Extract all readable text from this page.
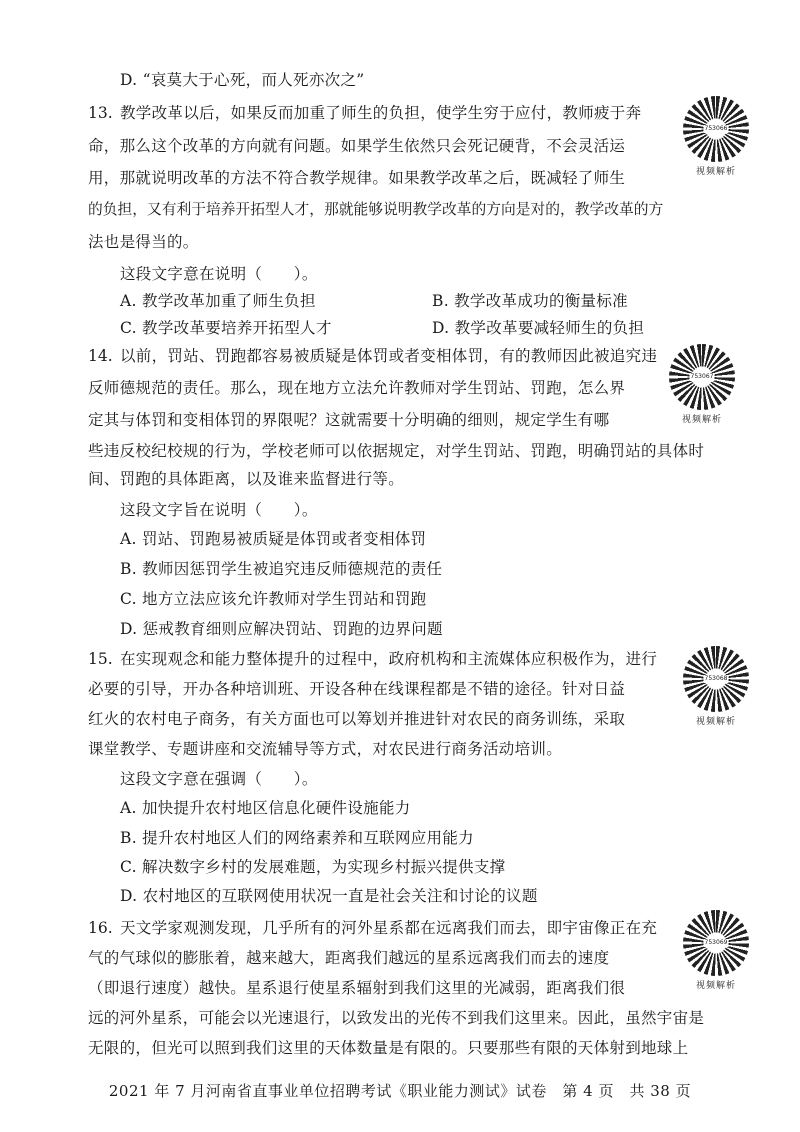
D. “哀莫大于心死，而人死亦次之”
13. 教学改革以后，如果反而加重了师生的负担，使学生穷于应付，教师疲于奔
命，那么这个改革的方向就有问题。如果学生依然只会死记硬背，不会灵活运
用，那就说明改革的方法不符合教学规律。如果教学改革之后，既减轻了师生
的负担，又有利于培养开拓型人才，那就能够说明教学改革的方向是对的，教学改革的方
法也是得当的。
这段文字意在说明（　　）。
A. 教学改革加重了师生负担	B. 教学改革成功的衡量标准
C. 教学改革要培养开拓型人才	D. 教学改革要减轻师生的负担
753066
视频解析
14. 以前，罚站、罚跑都容易被质疑是体罚或者变相体罚，有的教师因此被追究违
反师德规范的责任。那么，现在地方立法允许教师对学生罚站、罚跑，怎么界
定其与体罚和变相体罚的界限呢？这就需要十分明确的细则，规定学生有哪
些违反校纪校规的行为，学校老师可以依据规定，对学生罚站、罚跑，明确罚站的具体时
间、罚跑的具体距离，以及谁来监督进行等。
这段文字旨在说明（　　）。
A. 罚站、罚跑易被质疑是体罚或者变相体罚
B. 教师因惩罚学生被追究违反师德规范的责任
C. 地方立法应该允许教师对学生罚站和罚跑
D. 惩戒教育细则应解决罚站、罚跑的边界问题
753067
视频解析
15. 在实现观念和能力整体提升的过程中，政府机构和主流媒体应积极作为，进行
必要的引导，开办各种培训班、开设各种在线课程都是不错的途径。针对日益
红火的农村电子商务，有关方面也可以筹划并推进针对农民的商务训练，采取
课堂教学、专题讲座和交流辅导等方式，对农民进行商务活动培训。
这段文字意在强调（　　）。
A. 加快提升农村地区信息化硬件设施能力
B. 提升农村地区人们的网络素养和互联网应用能力
C. 解决数字乡村的发展难题，为实现乡村振兴提供支撑
D. 农村地区的互联网使用状况一直是社会关注和讨论的议题
753068
视频解析
16. 天文学家观测发现，几乎所有的河外星系都在远离我们而去，即宇宙像正在充
气的气球似的膨胀着，越来越大，距离我们越远的星系远离我们而去的速度
（即退行速度）越快。星系退行使星系辐射到我们这里的光减弱，距离我们很
远的河外星系，可能会以光速退行，以致发出的光传不到我们这里来。因此，虽然宇宙是
无限的，但光可以照到我们这里的天体数量是有限的。只要那些有限的天体射到地球上
753069
视频解析
2021 年 7 月河南省直事业单位招聘考试《职业能力测试》试卷　第 4 页　共 38 页
